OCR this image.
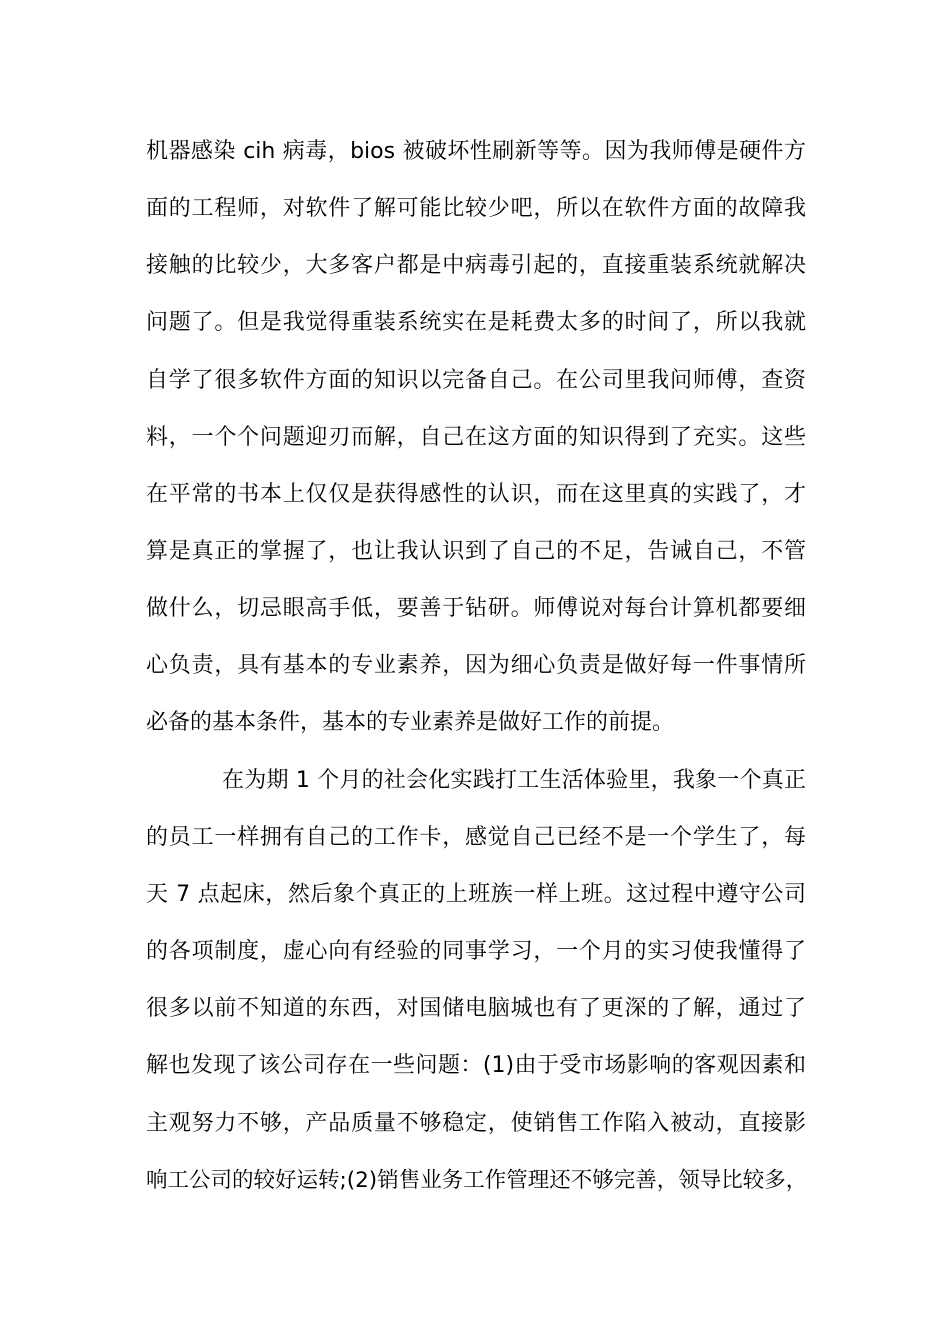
机器感染 cih 病毒，bios 被破坏性刷新等等。因为我师傅是硬件方
面的工程师，对软件了解可能比较少吧，所以在软件方面的故障我
接触的比较少，大多客户都是中病毒引起的，直接重装系统就解决
问题了。但是我觉得重装系统实在是耗费太多的时间了，所以我就
自学了很多软件方面的知识以完备自己。在公司里我问师傅，查资
料，一个个问题迎刃而解，自己在这方面的知识得到了充实。这些
在平常的书本上仅仅是获得感性的认识，而在这里真的实践了，才
算是真正的掌握了，也让我认识到了自己的不足，告诫自己，不管
做什么，切忌眼高手低，要善于钻研。师傅说对每台计算机都要细
心负责，具有基本的专业素养，因为细心负责是做好每一件事情所
必备的基本条件，基本的专业素养是做好工作的前提。
在为期 1 个月的社会化实践打工生活体验里，我象一个真正
的员工一样拥有自己的工作卡，感觉自己已经不是一个学生了，每
天 7 点起床，然后象个真正的上班族一样上班。这过程中遵守公司
的各项制度，虚心向有经验的同事学习，一个月的实习使我懂得了
很多以前不知道的东西，对国储电脑城也有了更深的了解，通过了
解也发现了该公司存在一些问题：(1)由于受市场影响的客观因素和
主观努力不够，产品质量不够稳定，使销售工作陷入被动，直接影
响工公司的较好运转;(2)销售业务工作管理还不够完善，领导比较多，
